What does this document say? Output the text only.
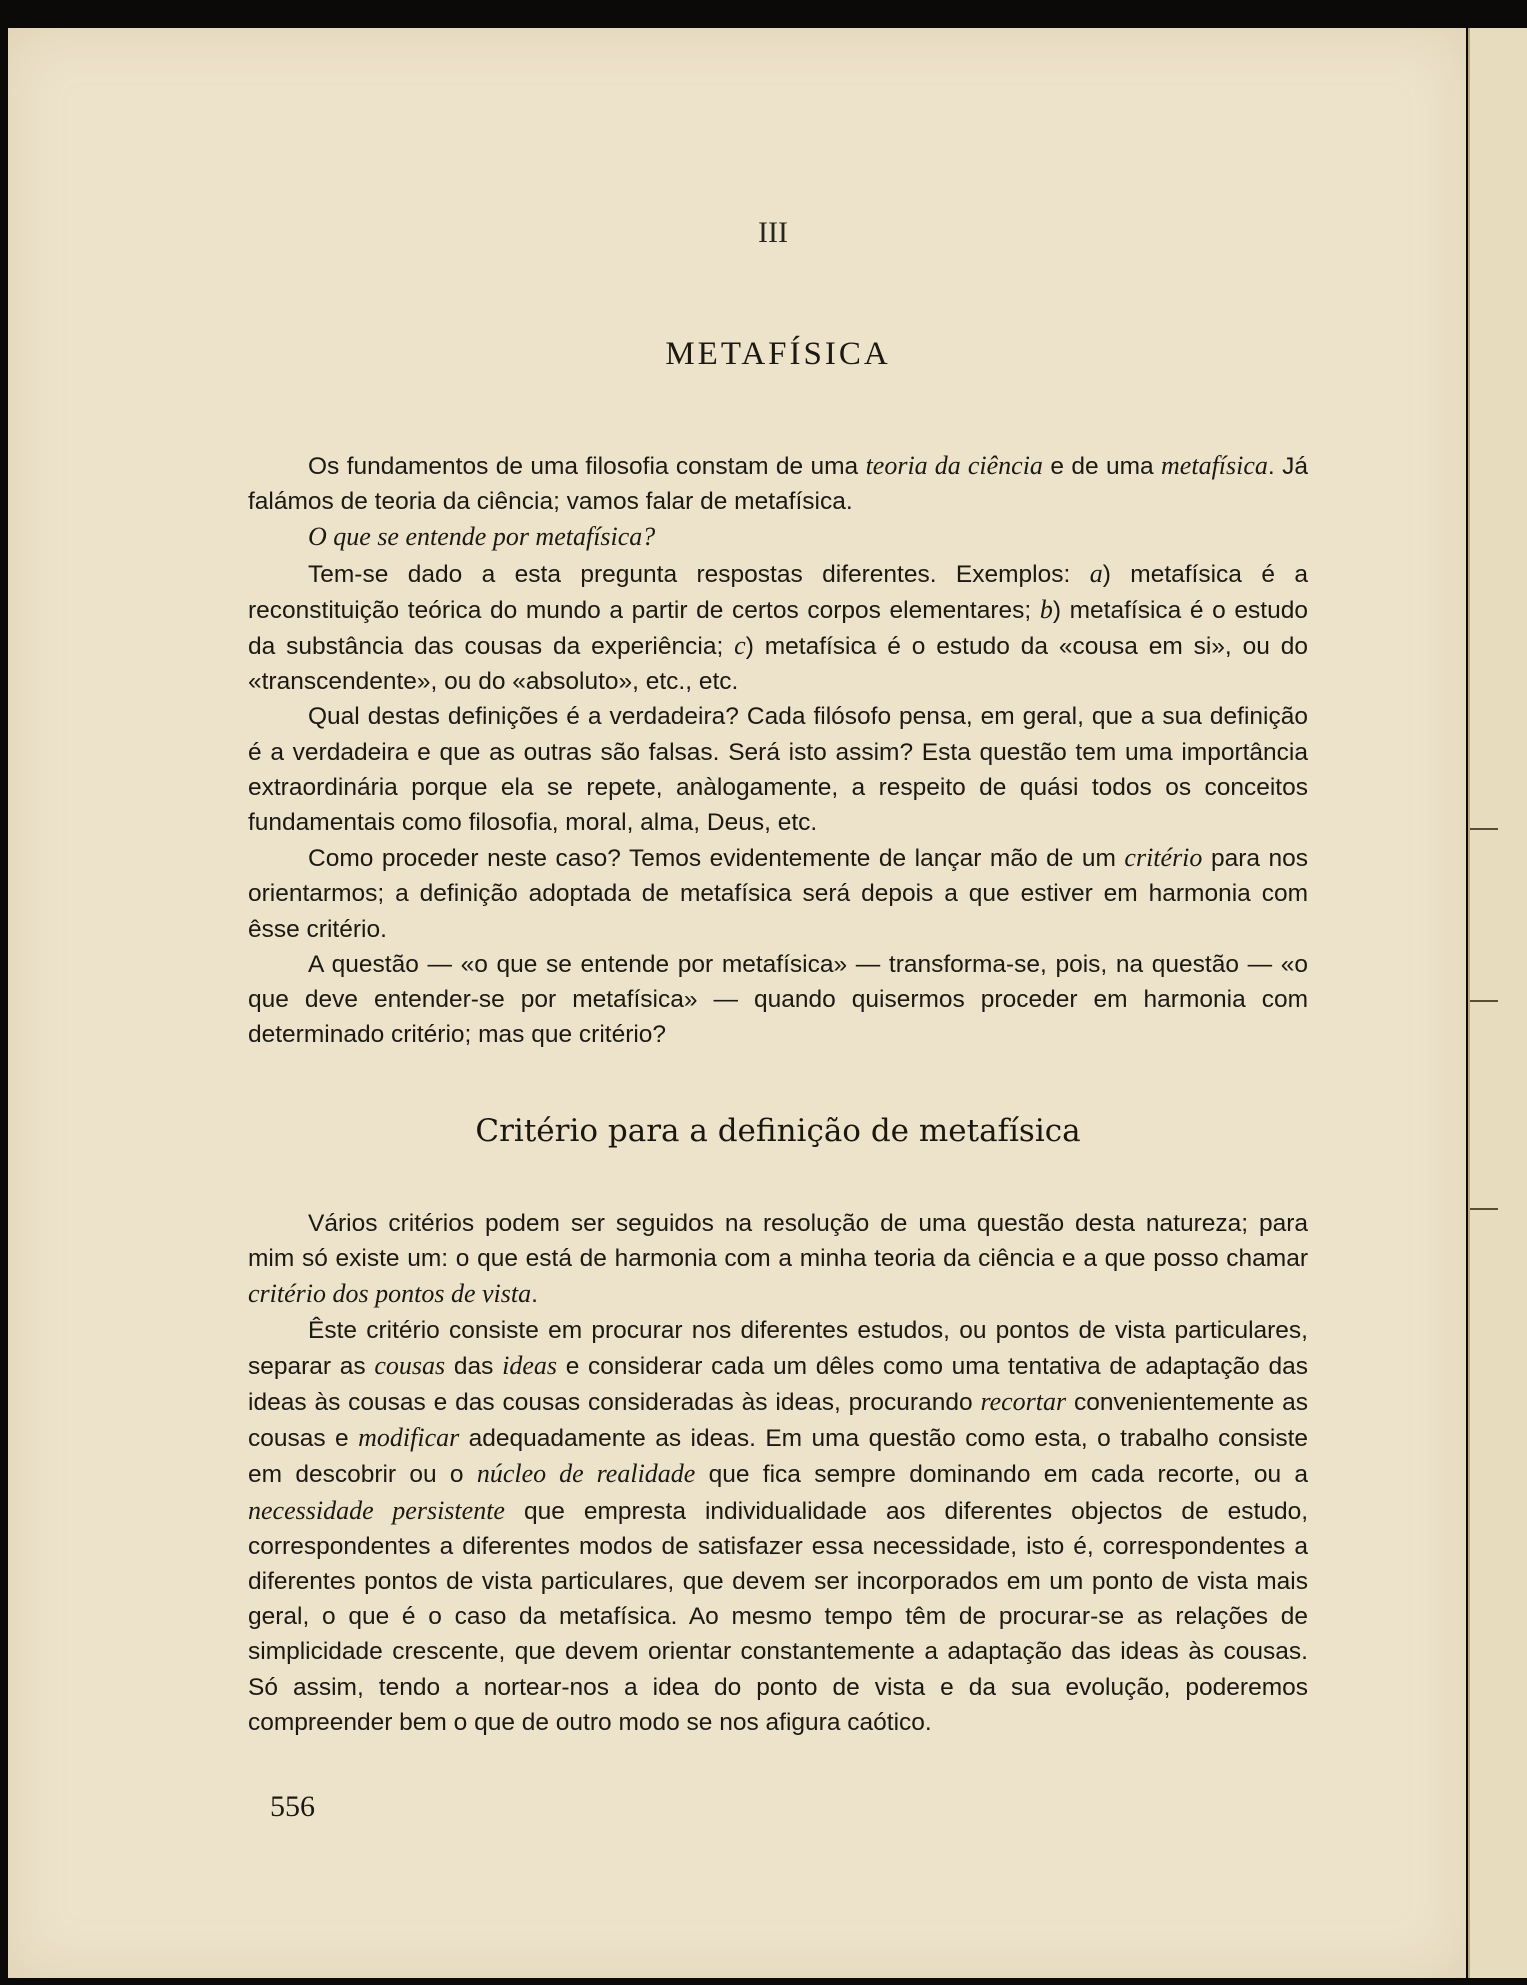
III
METAFÍSICA

Os fundamentos de uma filosofia constam de uma teoria da ciência e de uma metafísica. Já falámos de teoria da ciência; vamos falar de metafísica.

O que se entende por metafísica?

Tem-se dado a esta pregunta respostas diferentes. Exemplos: a) metafísica é a reconstituição teórica do mundo a partir de certos corpos elementares; b) metafísica é o estudo da substância das cousas da experiência; c) metafísica é o estudo da «cousa em si», ou do «transcendente», ou do «absoluto», etc., etc.

Qual destas definições é a verdadeira? Cada filósofo pensa, em geral, que a sua definição é a verdadeira e que as outras são falsas. Será isto assim? Esta questão tem uma importância extraordinária porque ela se repete, anàlogamente, a respeito de quási todos os conceitos fundamentais como filosofia, moral, alma, Deus, etc.

Como proceder neste caso? Temos evidentemente de lançar mão de um critério para nos orientarmos; a definição adoptada de metafísica será depois a que estiver em harmonia com êsse critério.

A questão — «o que se entende por metafísica» — transforma-se, pois, na questão — «o que deve entender-se por metafísica» — quando quisermos proceder em harmonia com determinado critério; mas que critério?

Critério para a definição de metafísica

Vários critérios podem ser seguidos na resolução de uma questão desta natureza; para mim só existe um: o que está de harmonia com a minha teoria da ciência e a que posso chamar critério dos pontos de vista.

Êste critério consiste em procurar nos diferentes estudos, ou pontos de vista particulares, separar as cousas das ideas e considerar cada um dêles como uma tentativa de adaptação das ideas às cousas e das cousas consideradas às ideas, procurando recortar convenientemente as cousas e modificar adequadamente as ideas. Em uma questão como esta, o trabalho consiste em descobrir ou o núcleo de realidade que fica sempre dominando em cada recorte, ou a necessidade persistente que empresta individualidade aos diferentes objectos de estudo, correspondentes a diferentes modos de satisfazer essa necessidade, isto é, correspondentes a diferentes pontos de vista particulares, que devem ser incorporados em um ponto de vista mais geral, o que é o caso da metafísica. Ao mesmo tempo têm de procurar-se as relações de simplicidade crescente, que devem orientar constantemente a adaptação das ideas às cousas. Só assim, tendo a nortear-nos a idea do ponto de vista e da sua evolução, poderemos compreender bem o que de outro modo se nos afigura caótico.

556
